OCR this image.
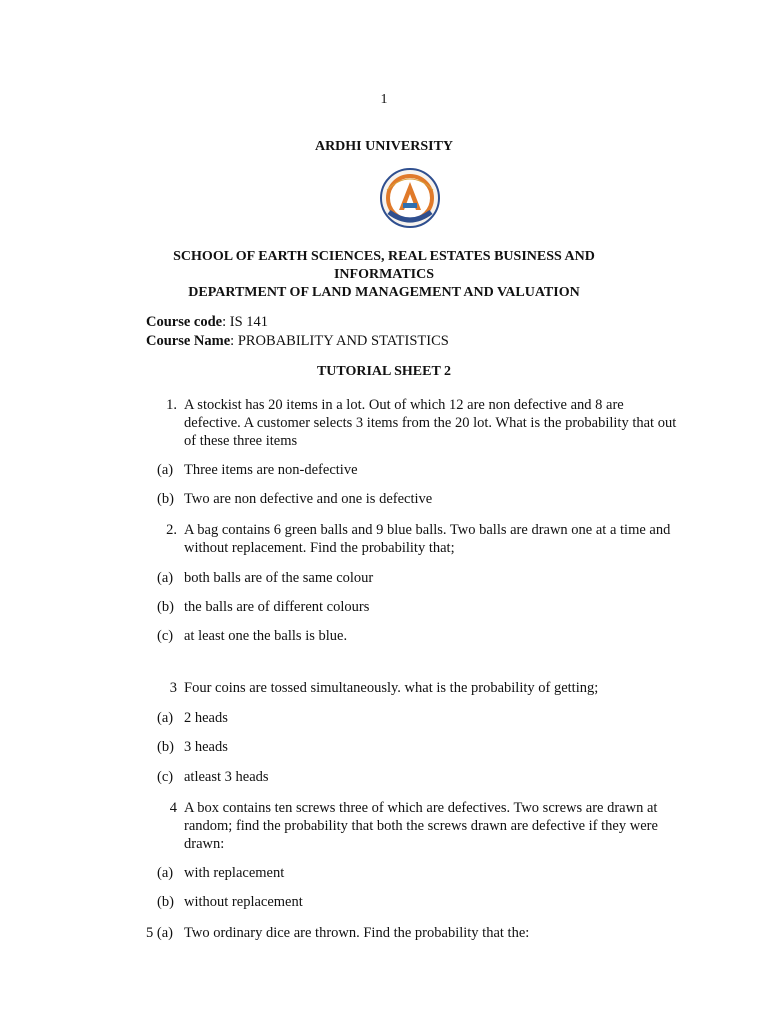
1
ARDHI UNIVERSITY
SCHOOL OF EARTH SCIENCES, REAL ESTATES BUSINESS AND
INFORMATICS
DEPARTMENT OF LAND MANAGEMENT AND VALUATION
Course code: IS 141
Course Name: PROBABILITY AND STATISTICS
TUTORIAL SHEET 2
1. A stockist has 20 items in a lot. Out of which 12 are non defective and 8 are defective. A customer selects 3 items from the 20 lot. What is the probability that out of these three items
(a) Three items are non-defective
(b) Two are non defective and one is defective
2. A bag contains 6 green balls and 9 blue balls. Two balls are drawn one at a time and without replacement. Find the probability that;
(a) both balls are of the same colour
(b) the balls are of different colours
(c) at least one the balls is blue.
3 Four coins are tossed simultaneously. what is the probability of getting;
(a) 2 heads
(b) 3 heads
(c) atleast 3 heads
4 A box contains ten screws three of which are defectives. Two screws are drawn at random; find the probability that both the screws drawn are defective if they were drawn:
(a) with replacement
(b) without replacement
5 (a) Two ordinary dice are thrown. Find the probability that the:
